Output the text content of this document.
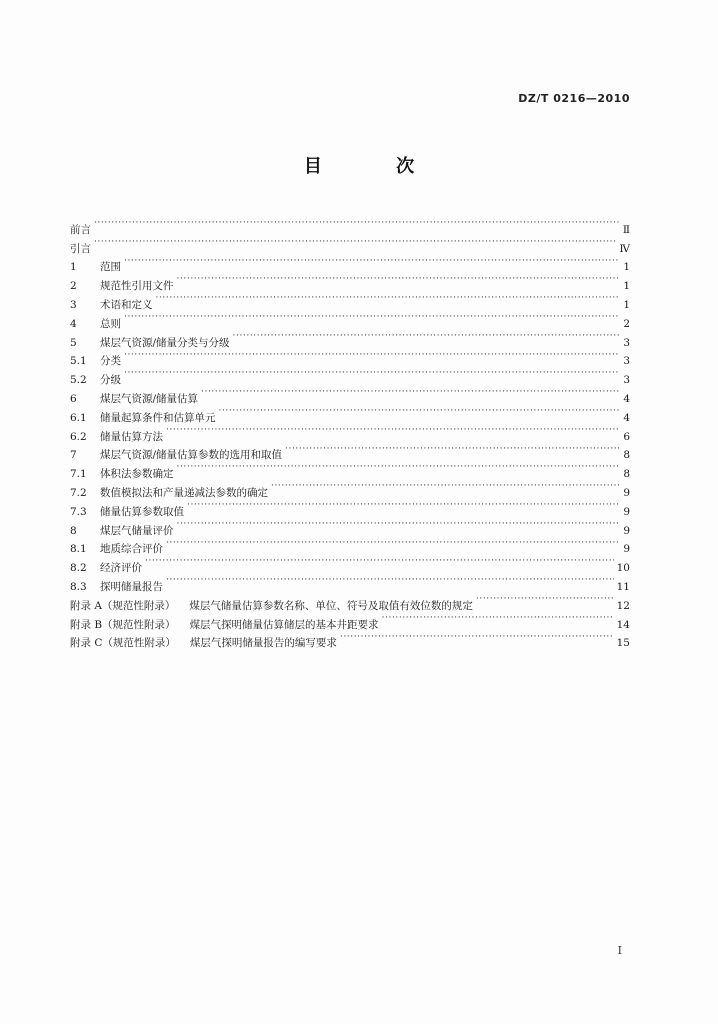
DZ/T 0216—2010
目 次
前言 ·····	Ⅱ
引言 ·····	Ⅳ
1	范围 ·····	1
2	规范性引用文件 ·····	1
3	术语和定义 ·····	1
4	总则 ·····	2
5	煤层气资源/储量分类与分级 ·····	3
5.1	分类 ·····	3
5.2	分级 ·····	3
6	煤层气资源/储量估算 ·····	4
6.1	储量起算条件和估算单元 ·····	4
6.2	储量估算方法 ·····	6
7	煤层气资源/储量估算参数的选用和取值 ·····	8
7.1	体积法参数确定 ·····	8
7.2	数值模拟法和产量递减法参数的确定 ·····	9
7.3	储量估算参数取值 ·····	9
8	煤层气储量评价 ·····	9
8.1	地质综合评价 ·····	9
8.2	经济评价 ·····	10
8.3	探明储量报告 ·····	11
附录 A（规范性附录） 煤层气储量估算参数名称、单位、符号及取值有效位数的规定 ·····	12
附录 B（规范性附录） 煤层气探明储量估算储层的基本井距要求 ·····	14
附录 C（规范性附录） 煤层气探明储量报告的编写要求 ·····	15
I
